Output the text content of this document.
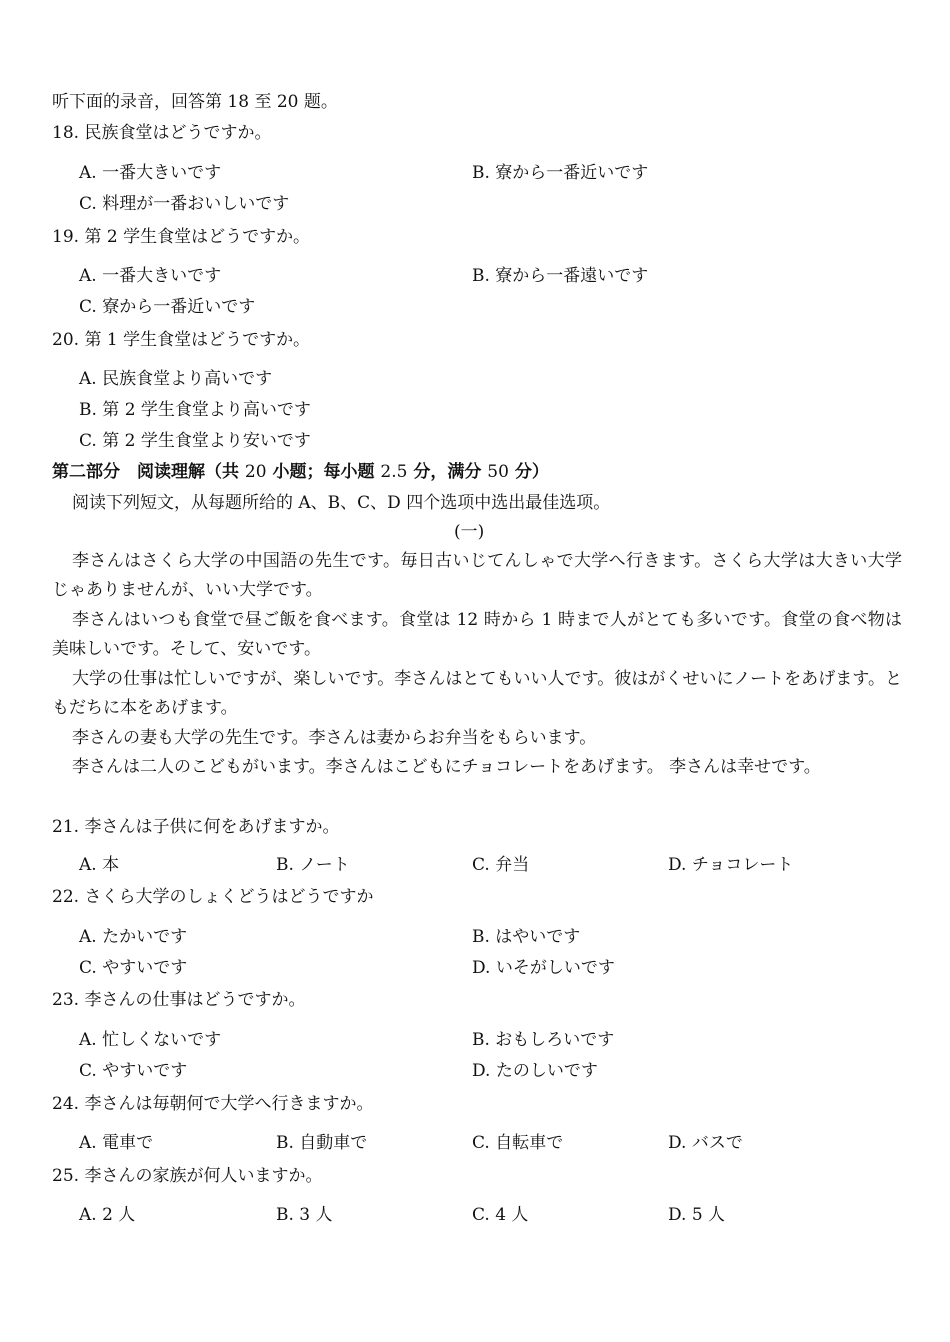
听下面的录音，回答第 18 至 20 题。
18. 民族食堂はどうですか。
A. 一番大きいです	B. 寮から一番近いです
C. 料理が一番おいしいです
19. 第 2 学生食堂はどうですか。
A. 一番大きいです	B. 寮から一番遠いです
C. 寮から一番近いです
20. 第 1 学生食堂はどうですか。
A. 民族食堂より高いです
B. 第 2 学生食堂より高いです
C. 第 2 学生食堂より安いです
第二部分　阅读理解（共 20 小题；每小题 2.5 分，满分 50 分）
阅读下列短文，从每题所给的 A、B、C、D 四个选项中选出最佳选项。
(一)
李さんはさくら大学の中国語の先生です。毎日古いじてんしゃで大学へ行きます。さくら大学は大きい大学じゃありませんが、いい大学です。
李さんはいつも食堂で昼ご飯を食べます。食堂は 12 時から 1 時まで人がとても多いです。食堂の食べ物は美味しいです。そして、安いです。
大学の仕事は忙しいですが、楽しいです。李さんはとてもいい人です。彼はがくせいにノートをあげます。ともだちに本をあげます。
李さんの妻も大学の先生です。李さんは妻からお弁当をもらいます。
李さんは二人のこどもがいます。李さんはこどもにチョコレートをあげます。 李さんは幸せです。
21. 李さんは子供に何をあげますか。
A. 本	B. ノート	C. 弁当	D. チョコレート
22. さくら大学のしょくどうはどうですか
A. たかいです	B. はやいです
C. やすいです	D. いそがしいです
23. 李さんの仕事はどうですか。
A. 忙しくないです	B. おもしろいです
C. やすいです	D. たのしいです
24. 李さんは毎朝何で大学へ行きますか。
A. 電車で	B. 自動車で	C. 自転車で	D. バスで
25. 李さんの家族が何人いますか。
A. 2 人	B. 3 人	C. 4 人	D. 5 人
